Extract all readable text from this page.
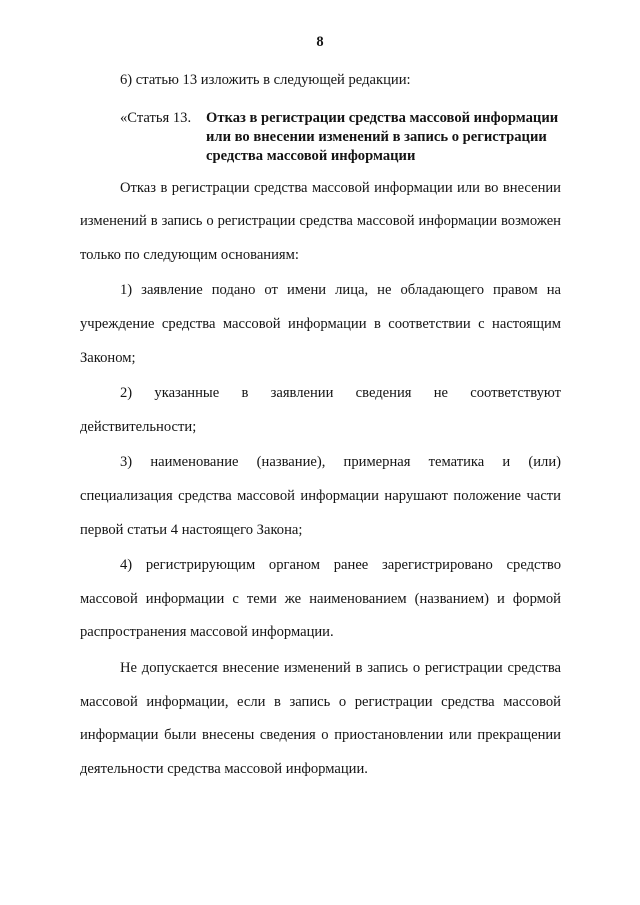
8

6) статью 13 изложить в следующей редакции:

«Статья 13.	Отказ в регистрации средства массовой информации или во внесении изменений в запись о регистрации средства массовой информации

Отказ в регистрации средства массовой информации или во внесении изменений в запись о регистрации средства массовой информации возможен только по следующим основаниям:

1) заявление подано от имени лица, не обладающего правом на учреждение средства массовой информации в соответствии с настоящим Законом;

2) указанные в заявлении сведения не соответствуют действительности;

3) наименование (название), примерная тематика и (или) специализация средства массовой информации нарушают положение части первой статьи 4 настоящего Закона;

4) регистрирующим органом ранее зарегистрировано средство массовой информации с теми же наименованием (названием) и формой распространения массовой информации.

Не допускается внесение изменений в запись о регистрации средства массовой информации, если в запись о регистрации средства массовой информации были внесены сведения о приостановлении или прекращении деятельности средства массовой информации.
